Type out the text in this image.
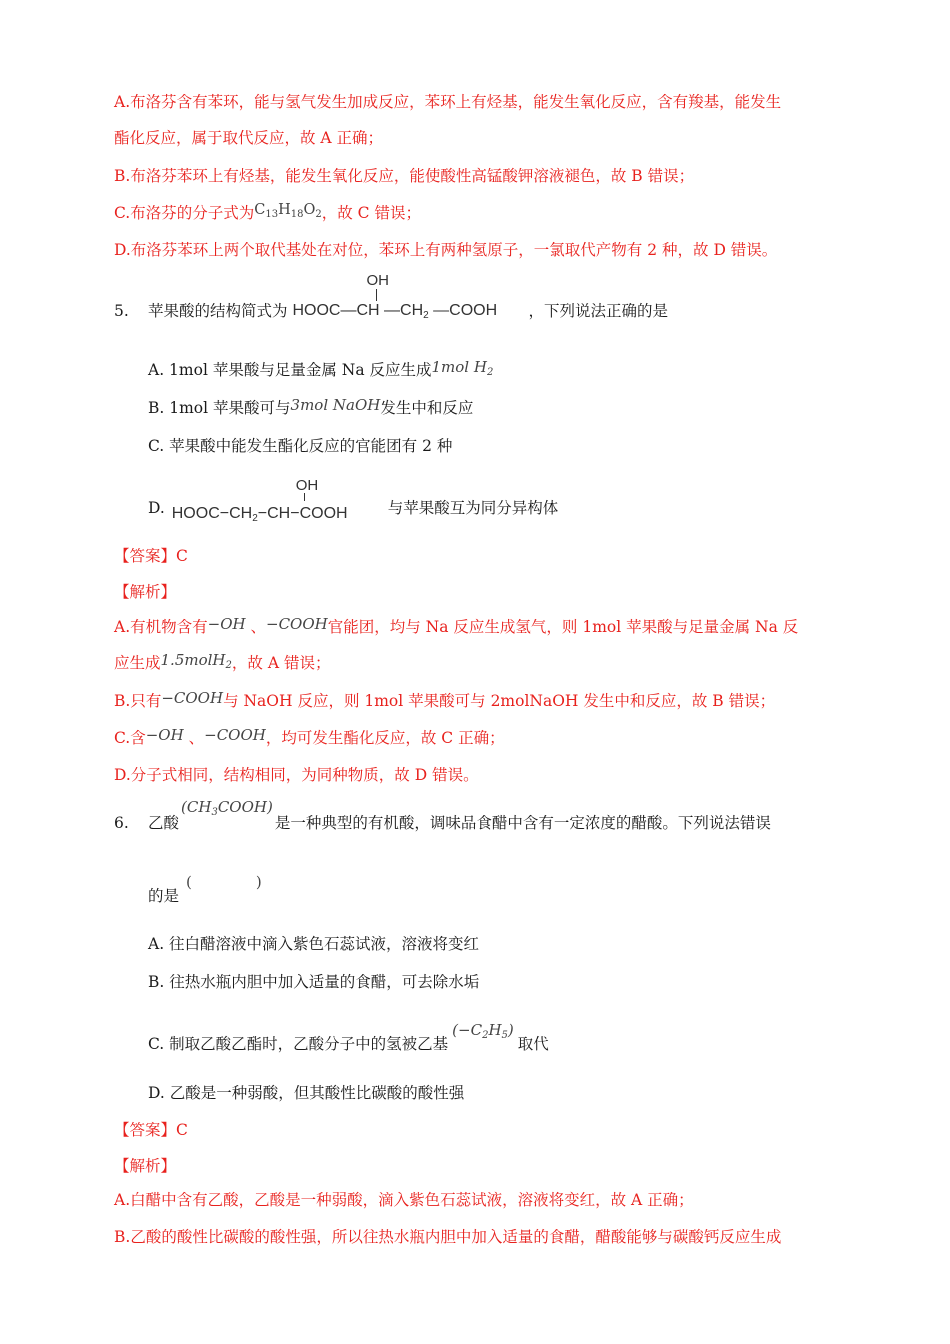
A.布洛芬含有苯环，能与氢气发生加成反应，苯环上有烃基，能发生氧化反应，含有羧基，能发生
酯化反应，属于取代反应，故 A 正确；
B.布洛芬苯环上有烃基，能发生氧化反应，能使酸性高锰酸钾溶液褪色，故 B 错误；
C.布洛芬的分子式为$C_{13}H_{18}O_2$，故 C 错误；
D.布洛芬苯环上两个取代基处在对位，苯环上有两种氢原子，一氯取代产物有 2 种，故 D 错误。
5. 苹果酸的结构简式为
OH
HOOC—CH $—CH_2$ —COOH ，下列说法正确的是
A. 1mol 苹果酸与足量金属 Na 反应生成1mol $H_2$
B. 1mol 苹果酸可与3mol NaOH发生中和反应
C. 苹果酸中能发生酯化反应的官能团有 2 种
D.
OH
$HOOC-CH_2-CH-COOH$	与苹果酸互为同分异构体
【答案】C
【解析】
A.有机物含有−OH 、−COOH官能团，均与 Na 反应生成氢气，则 1mol 苹果酸与足量金属 Na 反
应生成1.5molH$_2$，故 A 错误；
B.只有−COOH与 NaOH 反应，则 1mol 苹果酸可与 2molNaOH 发生中和反应，故 B 错误；
C.含−OH 、−COOH，均可发生酯化反应，故 C 正确；
D.分子式相同，结构相同，为同种物质，故 D 错误。
6. 乙酸$(CH_3COOH)$是一种典型的有机酸，调味品食醋中含有一定浓度的醋酸。下列说法错误
的是
(	)
A. 往白醋溶液中滴入紫色石蕊试液，溶液将变红
B. 往热水瓶内胆中加入适量的食醋，可去除水垢
C. 制取乙酸乙酯时，乙酸分子中的氢被乙基$(-C_2H_5)$取代
D. 乙酸是一种弱酸，但其酸性比碳酸的酸性强
【答案】C
【解析】
A.白醋中含有乙酸，乙酸是一种弱酸，滴入紫色石蕊试液，溶液将变红，故 A 正确；
B.乙酸的酸性比碳酸的酸性强，所以往热水瓶内胆中加入适量的食醋，醋酸能够与碳酸钙反应生成
